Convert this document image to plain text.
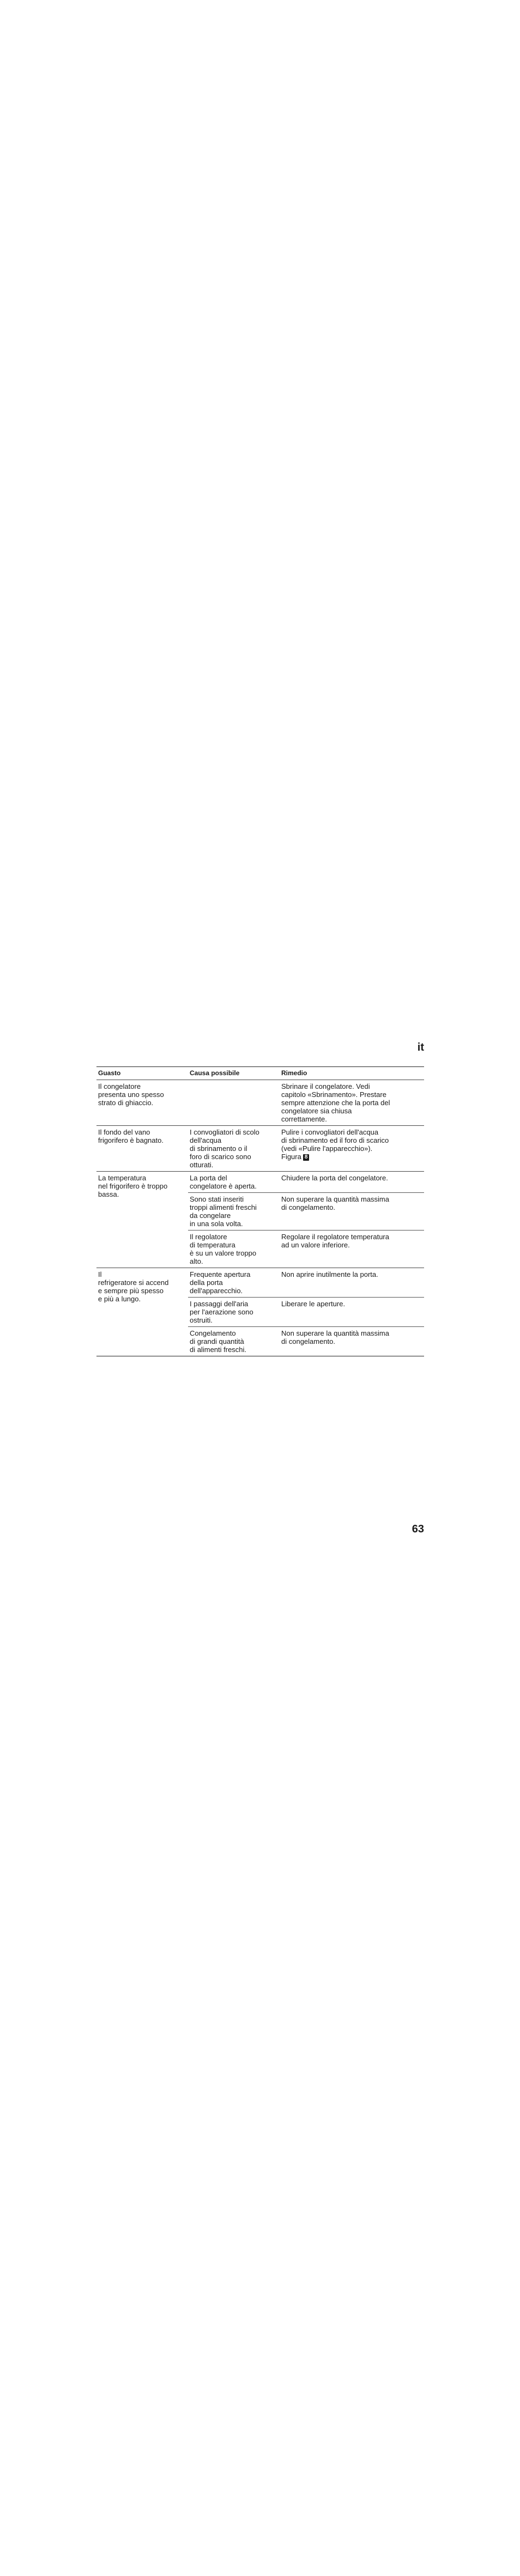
it
Guasto	Causa possibile	Rimedio
Il congelatore
presenta uno spesso
strato di ghiaccio.		Sbrinare il congelatore. Vedi
capitolo «Sbrinamento». Prestare
sempre attenzione che la porta del
congelatore sia chiusa
correttamente.
Il fondo del vano
frigorifero è bagnato.	I convogliatori di scolo
dell'acqua
di sbrinamento o il
foro di scarico sono
otturati.	Pulire i convogliatori dell'acqua
di sbrinamento ed il foro di scarico
(vedi «Pulire l'apparecchio»).
Figura 8
La temperatura
nel frigorifero è troppo
bassa.	La porta del
congelatore è aperta.	Chiudere la porta del congelatore.
	Sono stati inseriti
troppi alimenti freschi
da congelare
in una sola volta.	Non superare la quantità massima
di congelamento.
	Il regolatore
di temperatura
è su un valore troppo
alto.	Regolare il regolatore temperatura
ad un valore inferiore.
Il
refrigeratore si accend
e sempre più spesso
e più a lungo.	Frequente apertura
della porta
dell'apparecchio.	Non aprire inutilmente la porta.
	I passaggi dell'aria
per l'aerazione sono
ostruiti.	Liberare le aperture.
	Congelamento
di grandi quantità
di alimenti freschi.	Non superare la quantità massima
di congelamento.
63
